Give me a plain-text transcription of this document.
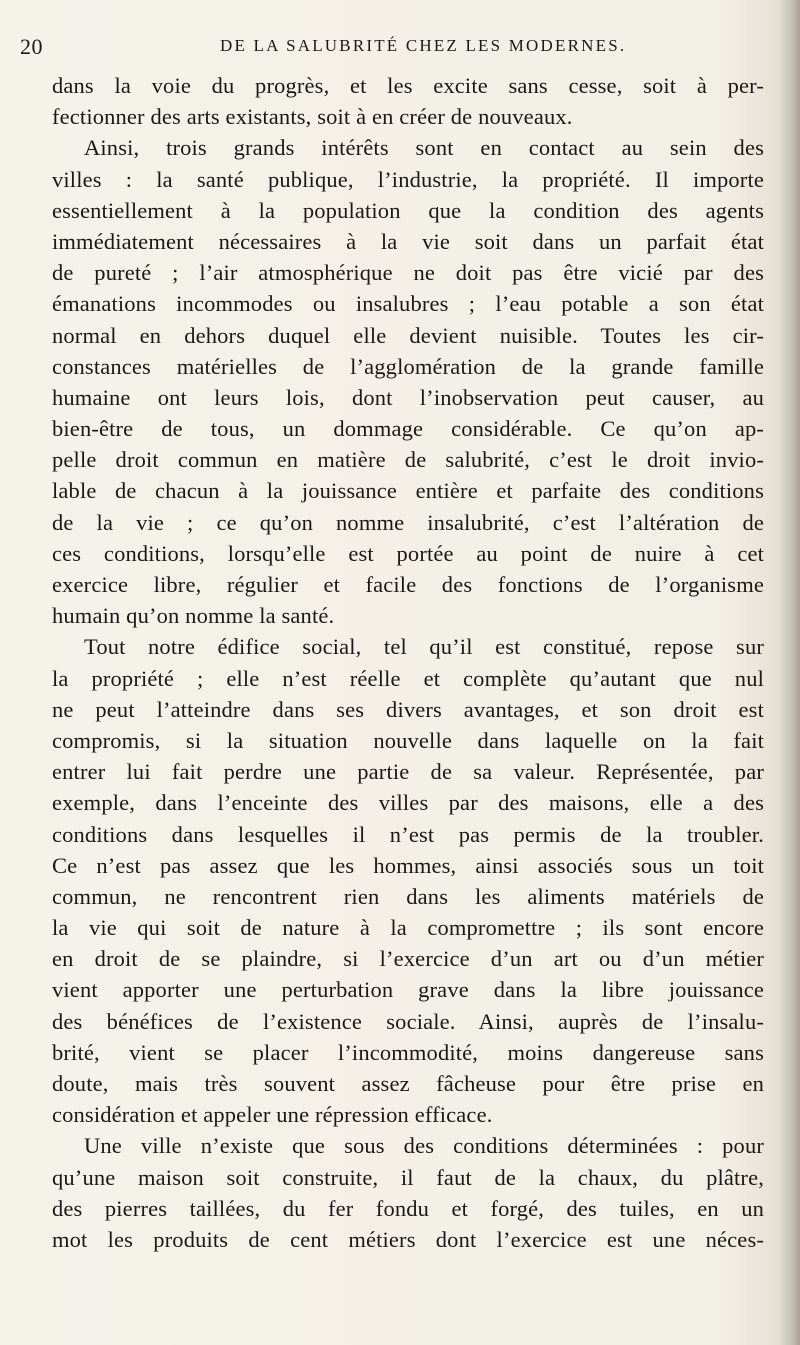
20	DE LA SALUBRITÉ CHEZ LES MODERNES.
dans la voie du progrès, et les excite sans cesse, soit à per-
fectionner des arts existants, soit à en créer de nouveaux.
Ainsi, trois grands intérêts sont en contact au sein des
villes : la santé publique, l’industrie, la propriété. Il importe
essentiellement à la population que la condition des agents
immédiatement nécessaires à la vie soit dans un parfait état
de pureté ; l’air atmosphérique ne doit pas être vicié par des
émanations incommodes ou insalubres ; l’eau potable a son état
normal en dehors duquel elle devient nuisible. Toutes les cir-
constances matérielles de l’agglomération de la grande famille
humaine ont leurs lois, dont l’inobservation peut causer, au
bien-être de tous, un dommage considérable. Ce qu’on ap-
pelle droit commun en matière de salubrité, c’est le droit invio-
lable de chacun à la jouissance entière et parfaite des conditions
de la vie ; ce qu’on nomme insalubrité, c’est l’altération de
ces conditions, lorsqu’elle est portée au point de nuire à cet
exercice libre, régulier et facile des fonctions de l’organisme
humain qu’on nomme la santé.
Tout notre édifice social, tel qu’il est constitué, repose sur
la propriété ; elle n’est réelle et complète qu’autant que nul
ne peut l’atteindre dans ses divers avantages, et son droit est
compromis, si la situation nouvelle dans laquelle on la fait
entrer lui fait perdre une partie de sa valeur. Représentée, par
exemple, dans l’enceinte des villes par des maisons, elle a des
conditions dans lesquelles il n’est pas permis de la troubler.
Ce n’est pas assez que les hommes, ainsi associés sous un toit
commun, ne rencontrent rien dans les aliments matériels de
la vie qui soit de nature à la compromettre ; ils sont encore
en droit de se plaindre, si l’exercice d’un art ou d’un métier
vient apporter une perturbation grave dans la libre jouissance
des bénéfices de l’existence sociale. Ainsi, auprès de l’insalu-
brité, vient se placer l’incommodité, moins dangereuse sans
doute, mais très souvent assez fâcheuse pour être prise en
considération et appeler une répression efficace.
Une ville n’existe que sous des conditions déterminées : pour
qu’une maison soit construite, il faut de la chaux, du plâtre,
des pierres taillées, du fer fondu et forgé, des tuiles, en un
mot les produits de cent métiers dont l’exercice est une néces-
